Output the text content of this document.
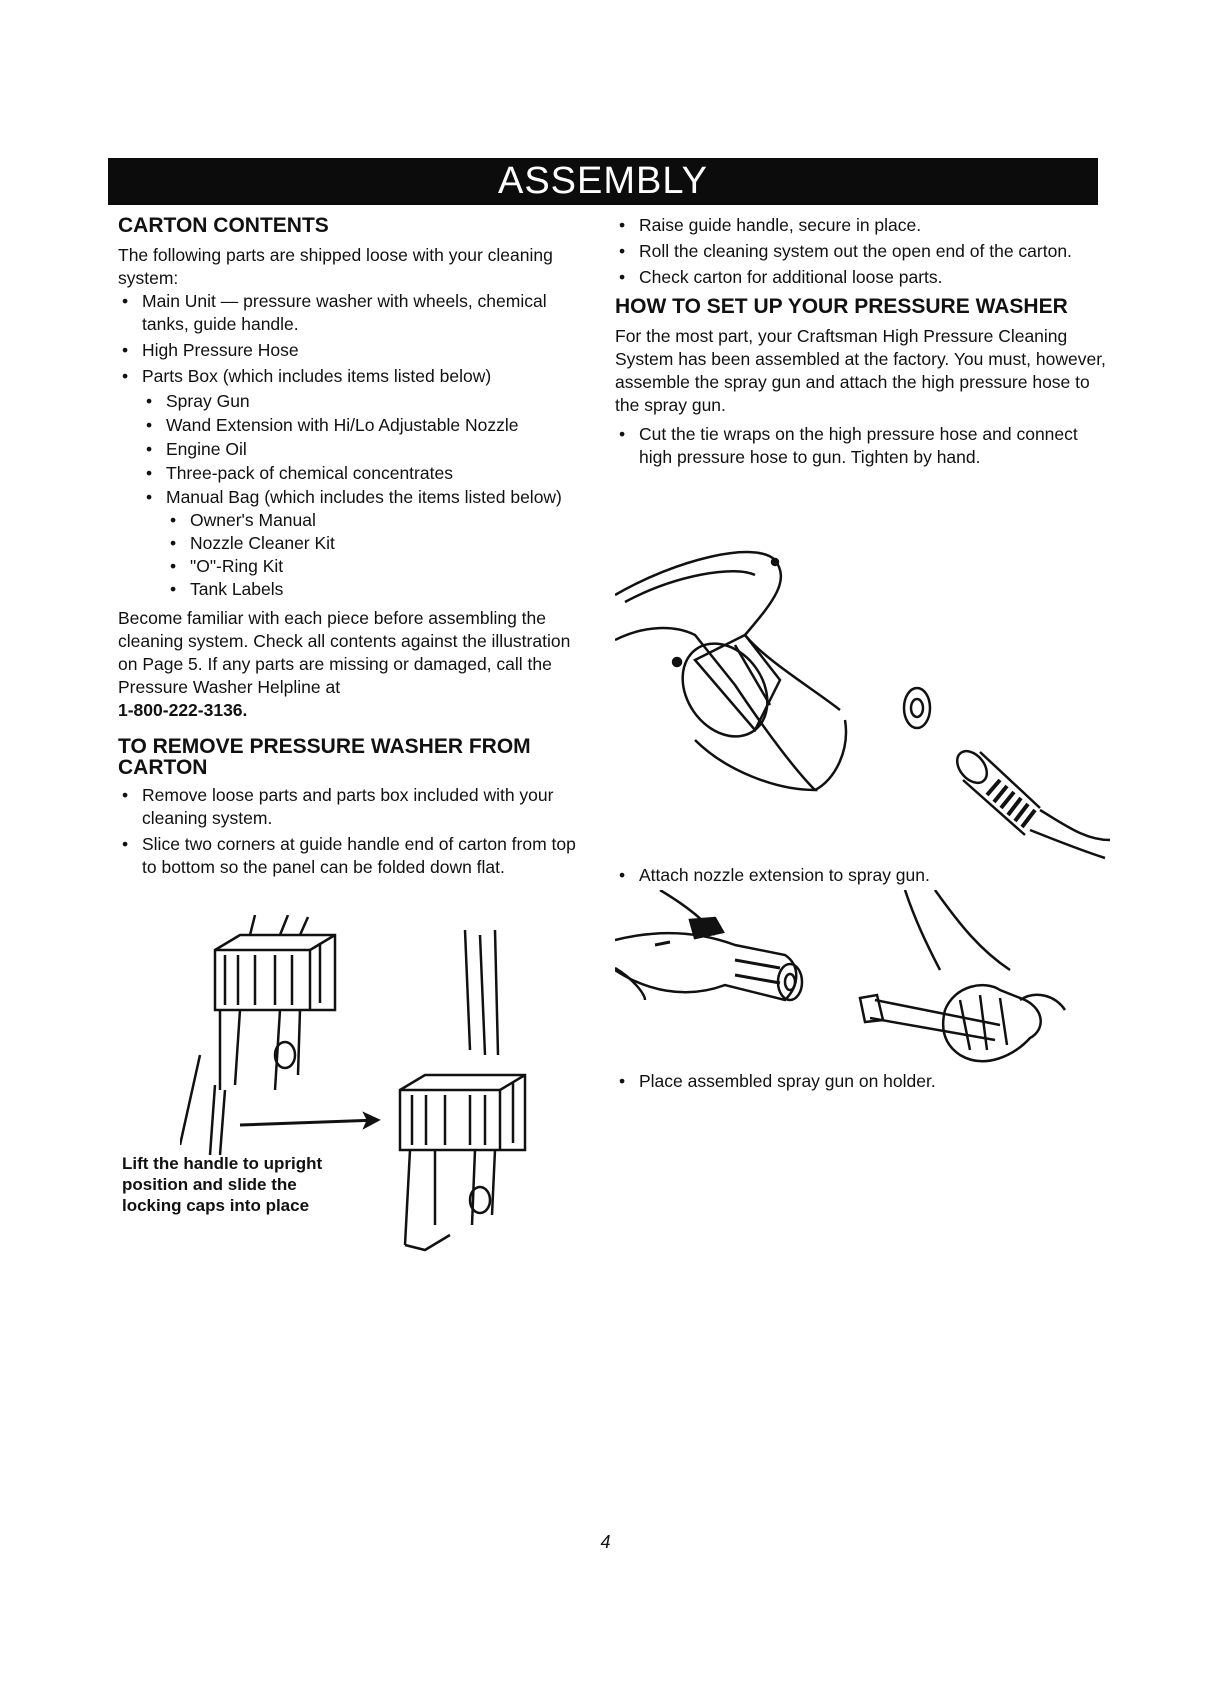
ASSEMBLY
CARTON CONTENTS

The following parts are shipped loose with your cleaning system:

• Main Unit — pressure washer with wheels, chemical tanks, guide handle.
• High Pressure Hose
• Parts Box (which includes items listed below)
• Spray Gun
• Wand Extension with Hi/Lo Adjustable Nozzle
• Engine Oil
• Three-pack of chemical concentrates
• Manual Bag (which includes the items listed below)
• Owner's Manual
• Nozzle Cleaner Kit
• "O"-Ring Kit
• Tank Labels

Become familiar with each piece before assembling the cleaning system. Check all contents against the illustration on Page 5. If any parts are missing or damaged, call the Pressure Washer Helpline at
1-800-222-3136.

TO REMOVE PRESSURE WASHER FROM CARTON
• Remove loose parts and parts box included with your cleaning system.
• Slice two corners at guide handle end of carton from top to bottom so the panel can be folded down flat.
Lift the handle to upright position and slide the locking caps into place
• Raise guide handle, secure in place.
• Roll the cleaning system out the open end of the carton.
• Check carton for additional loose parts.
HOW TO SET UP YOUR PRESSURE WASHER

For the most part, your Craftsman High Pressure Cleaning System has been assembled at the factory. You must, however, assemble the spray gun and attach the high pressure hose to the spray gun.

• Cut the tie wraps on the high pressure hose and connect high pressure hose to gun. Tighten by hand.
• Attach nozzle extension to spray gun.
• Place assembled spray gun on holder.
4
